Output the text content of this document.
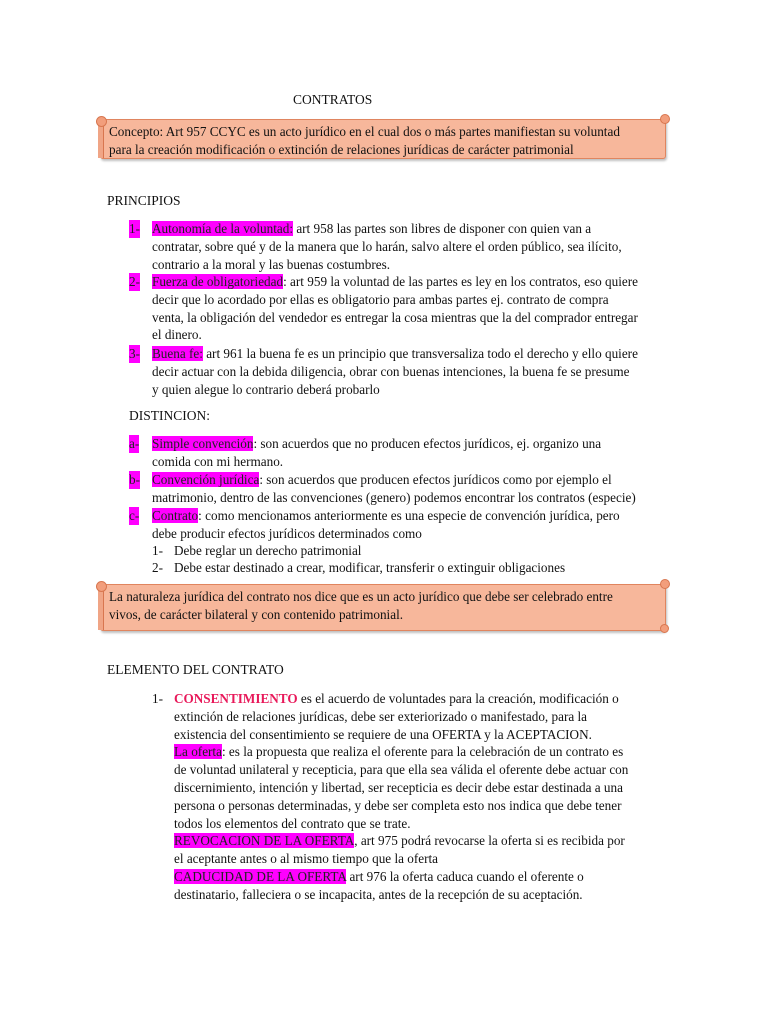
CONTRATOS
Concepto: Art 957 CCYC es un acto jurídico en el cual dos o más partes manifiestan su voluntad
para la creación modificación o extinción de relaciones jurídicas de carácter patrimonial
PRINCIPIOS
1- Autonomía de la voluntad: art 958 las partes son libres de disponer con quien van a
contratar, sobre qué y de la manera que lo harán, salvo altere el orden público, sea ilícito,
contrario a la moral y las buenas costumbres.
2- Fuerza de obligatoriedad: art 959 la voluntad de las partes es ley en los contratos, eso quiere
decir que lo acordado por ellas es obligatorio para ambas partes ej. contrato de compra
venta, la obligación del vendedor es entregar la cosa mientras que la del comprador entregar
el dinero.
3- Buena fe: art 961 la buena fe es un principio que transversaliza todo el derecho y ello quiere
decir actuar con la debida diligencia, obrar con buenas intenciones, la buena fe se presume
y quien alegue lo contrario deberá probarlo
DISTINCION:
a- Simple convención: son acuerdos que no producen efectos jurídicos, ej. organizo una
comida con mi hermano.
b- Convención jurídica: son acuerdos que producen efectos jurídicos como por ejemplo el
matrimonio, dentro de las convenciones (genero) podemos encontrar los contratos (especie)
c- Contrato: como mencionamos anteriormente es una especie de convención jurídica, pero
debe producir efectos jurídicos determinados como
1- Debe reglar un derecho patrimonial
2- Debe estar destinado a crear, modificar, transferir o extinguir obligaciones
La naturaleza jurídica del contrato nos dice que es un acto jurídico que debe ser celebrado entre
vivos, de carácter bilateral y con contenido patrimonial.
ELEMENTO DEL CONTRATO
1- CONSENTIMIENTO es el acuerdo de voluntades para la creación, modificación o
extinción de relaciones jurídicas, debe ser exteriorizado o manifestado, para la
existencia del consentimiento se requiere de una OFERTA y la ACEPTACION.
La oferta: es la propuesta que realiza el oferente para la celebración de un contrato es
de voluntad unilateral y recepticia, para que ella sea válida el oferente debe actuar con
discernimiento, intención y libertad, ser recepticia es decir debe estar destinada a una
persona o personas determinadas, y debe ser completa esto nos indica que debe tener
todos los elementos del contrato que se trate.
REVOCACION DE LA OFERTA, art 975 podrá revocarse la oferta si es recibida por
el aceptante antes o al mismo tiempo que la oferta
CADUCIDAD DE LA OFERTA art 976 la oferta caduca cuando el oferente o
destinatario, falleciera o se incapacita, antes de la recepción de su aceptación.
